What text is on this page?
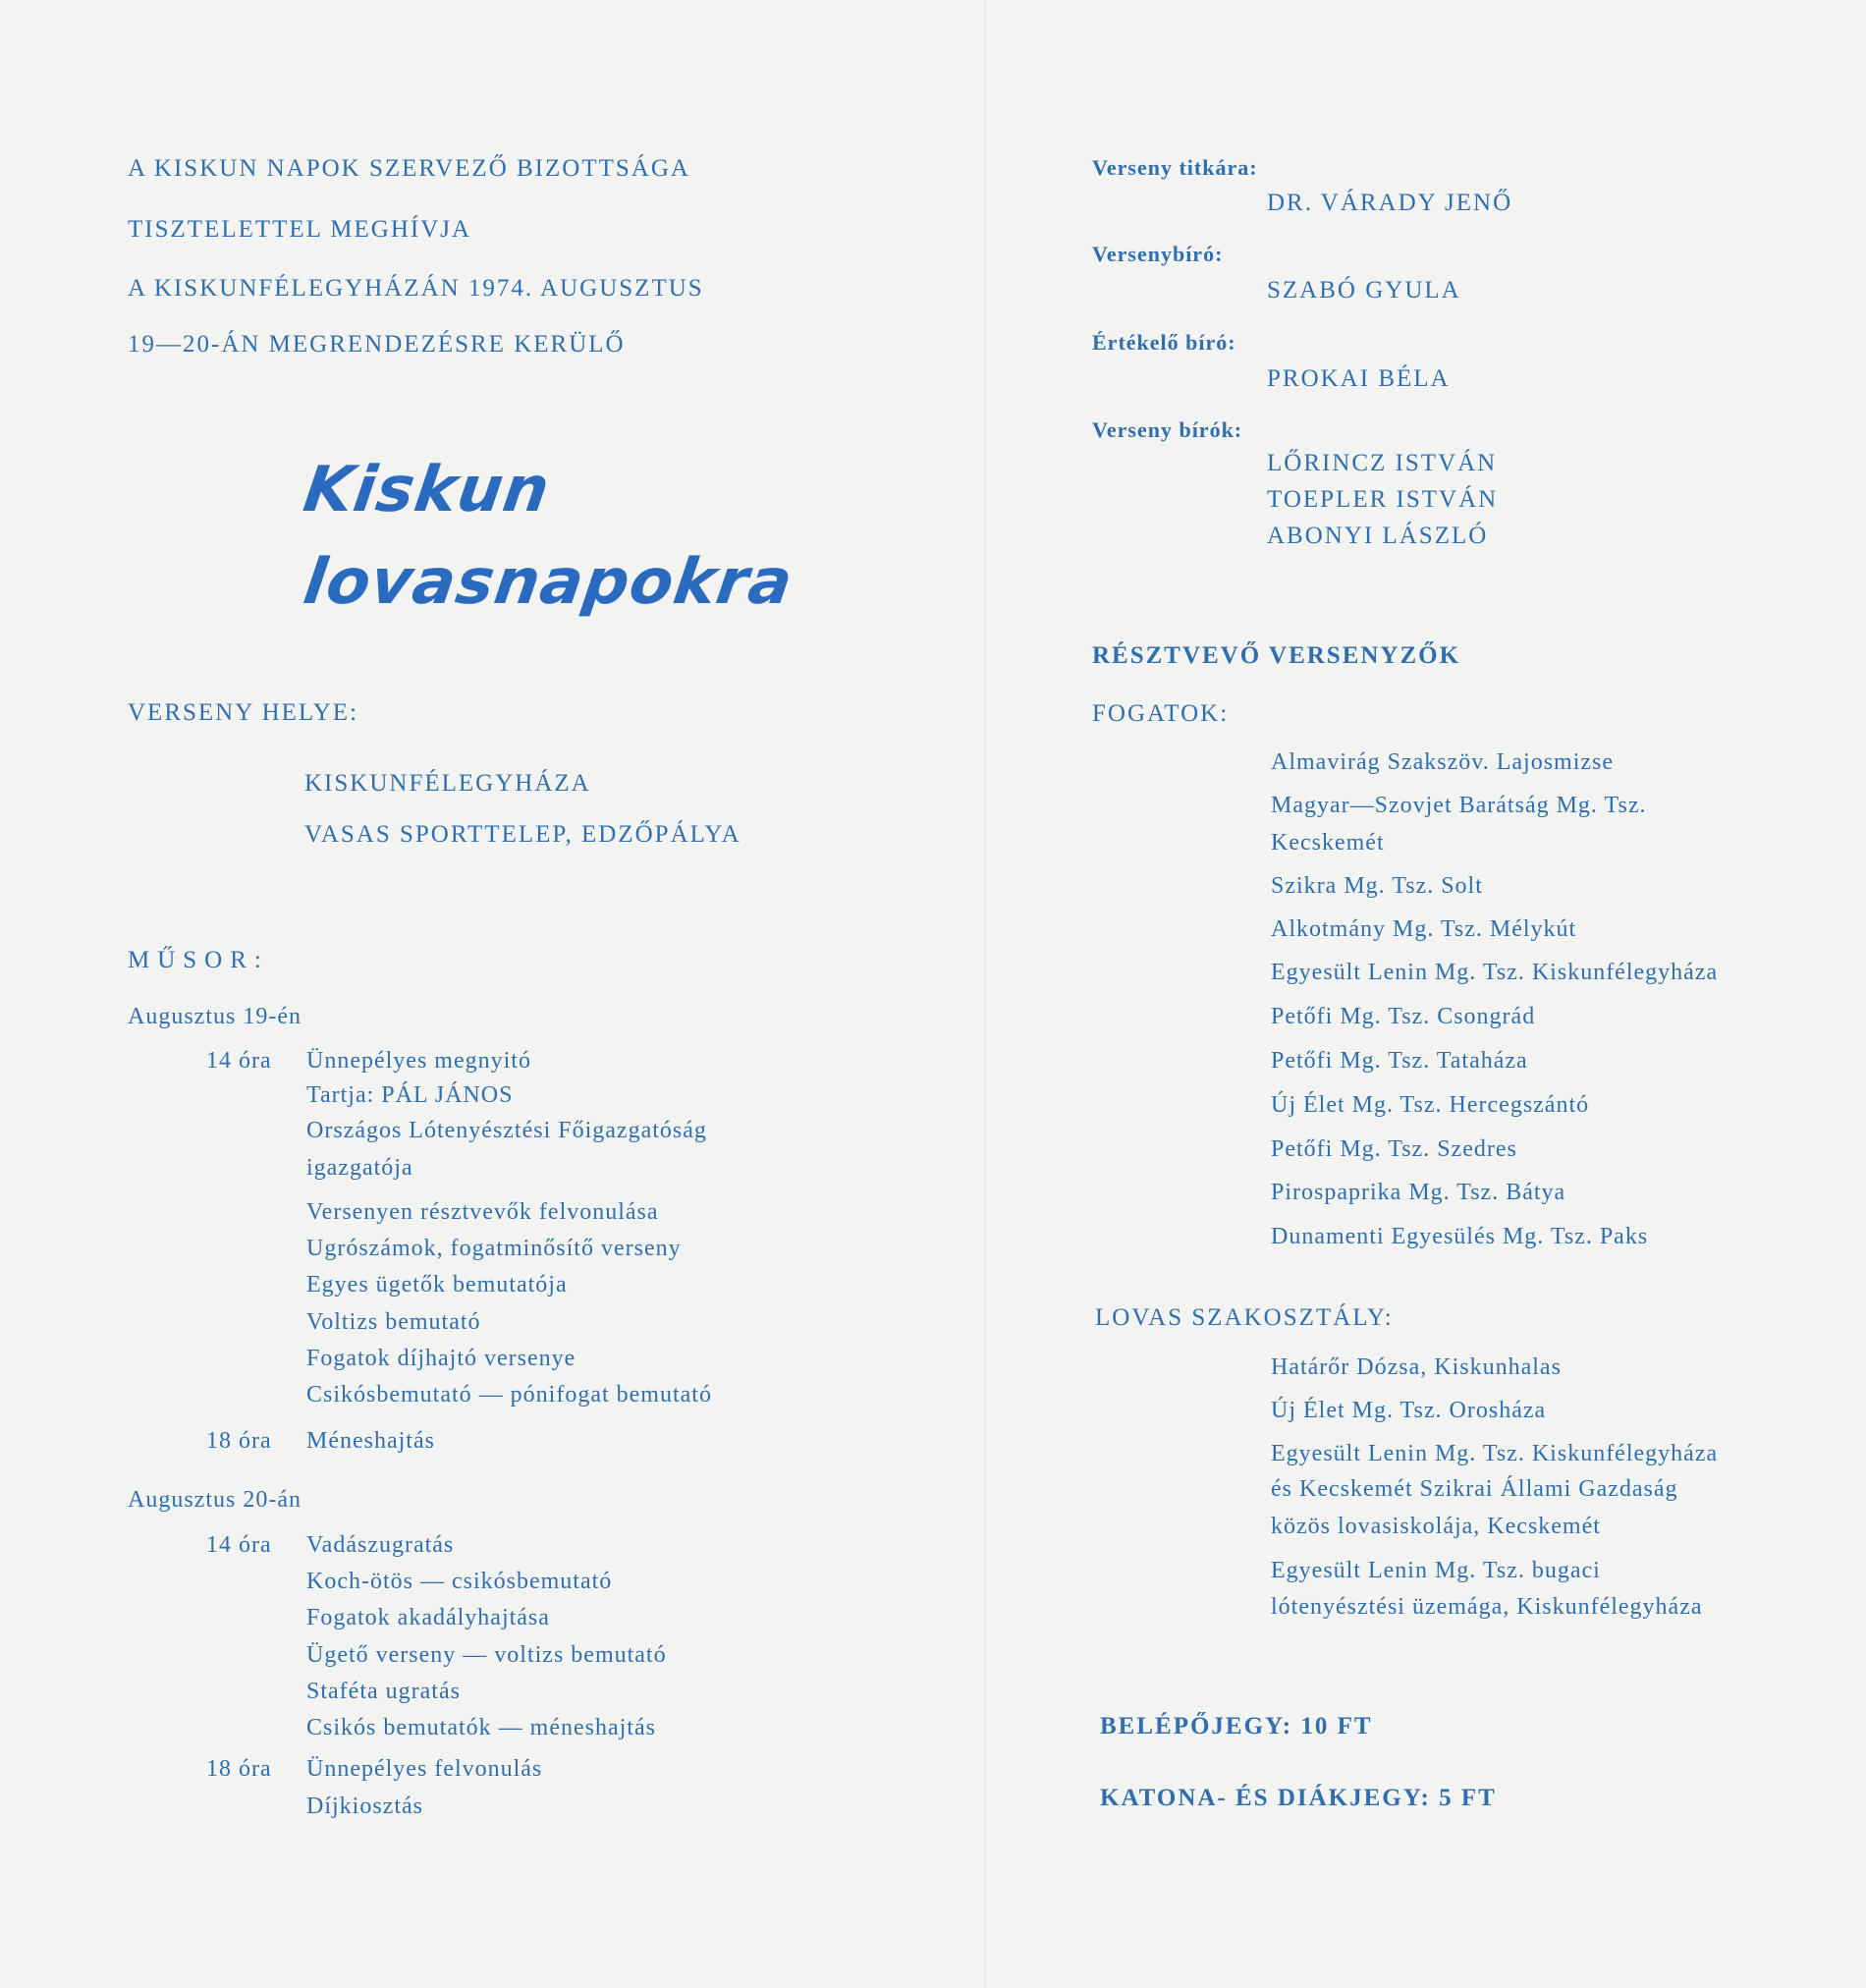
A KISKUN NAPOK SZERVEZŐ BIZOTTSÁGA
TISZTELETTEL MEGHÍVJA
A KISKUNFÉLEGYHÁZÁN 1974. AUGUSZTUS
19—20-ÁN MEGRENDEZÉSRE KERÜLŐ
Kiskun
lovasnapokra
VERSENY HELYE:
KISKUNFÉLEGYHÁZA
VASAS SPORTTELEP, EDZŐPÁLYA
MŰSOR:
Augusztus 19-én
14 óra Ünnepélyes megnyitó
Tartja: PÁL JÁNOS
Országos Lótenyésztési Főigazgatóság
igazgatója
Versenyen résztvevők felvonulása
Ugrószámok, fogatminősítő verseny
Egyes ügetők bemutatója
Voltizs bemutató
Fogatok díjhajtó versenye
Csikósbemutató — pónifogat bemutató
18 óra Méneshajtás
Augusztus 20-án
14 óra Vadászugratás
Koch-ötös — csikósbemutató
Fogatok akadályhajtása
Ügető verseny — voltizs bemutató
Staféta ugratás
Csikós bemutatók — méneshajtás
18 óra Ünnepélyes felvonulás
Díjkiosztás
Verseny titkára:
DR. VÁRADY JENŐ
Versenybíró:
SZABÓ GYULA
Értékelő bíró:
PROKAI BÉLA
Verseny bírók:
LŐRINCZ ISTVÁN
TOEPLER ISTVÁN
ABONYI LÁSZLÓ
RÉSZTVEVŐ VERSENYZŐK
FOGATOK:
Almavirág Szakszöv. Lajosmizse
Magyar—Szovjet Barátság Mg. Tsz.
Kecskemét
Szikra Mg. Tsz. Solt
Alkotmány Mg. Tsz. Mélykút
Egyesült Lenin Mg. Tsz. Kiskunfélegyháza
Petőfi Mg. Tsz. Csongrád
Petőfi Mg. Tsz. Tataháza
Új Élet Mg. Tsz. Hercegszántó
Petőfi Mg. Tsz. Szedres
Pirospaprika Mg. Tsz. Bátya
Dunamenti Egyesülés Mg. Tsz. Paks
LOVAS SZAKOSZTÁLY:
Határőr Dózsa, Kiskunhalas
Új Élet Mg. Tsz. Orosháza
Egyesült Lenin Mg. Tsz. Kiskunfélegyháza
és Kecskemét Szikrai Állami Gazdaság
közös lovasiskolája, Kecskemét
Egyesült Lenin Mg. Tsz. bugaci
lótenyésztési üzemága, Kiskunfélegyháza
BELÉPŐJEGY: 10 FT
KATONA- ÉS DIÁKJEGY: 5 FT
